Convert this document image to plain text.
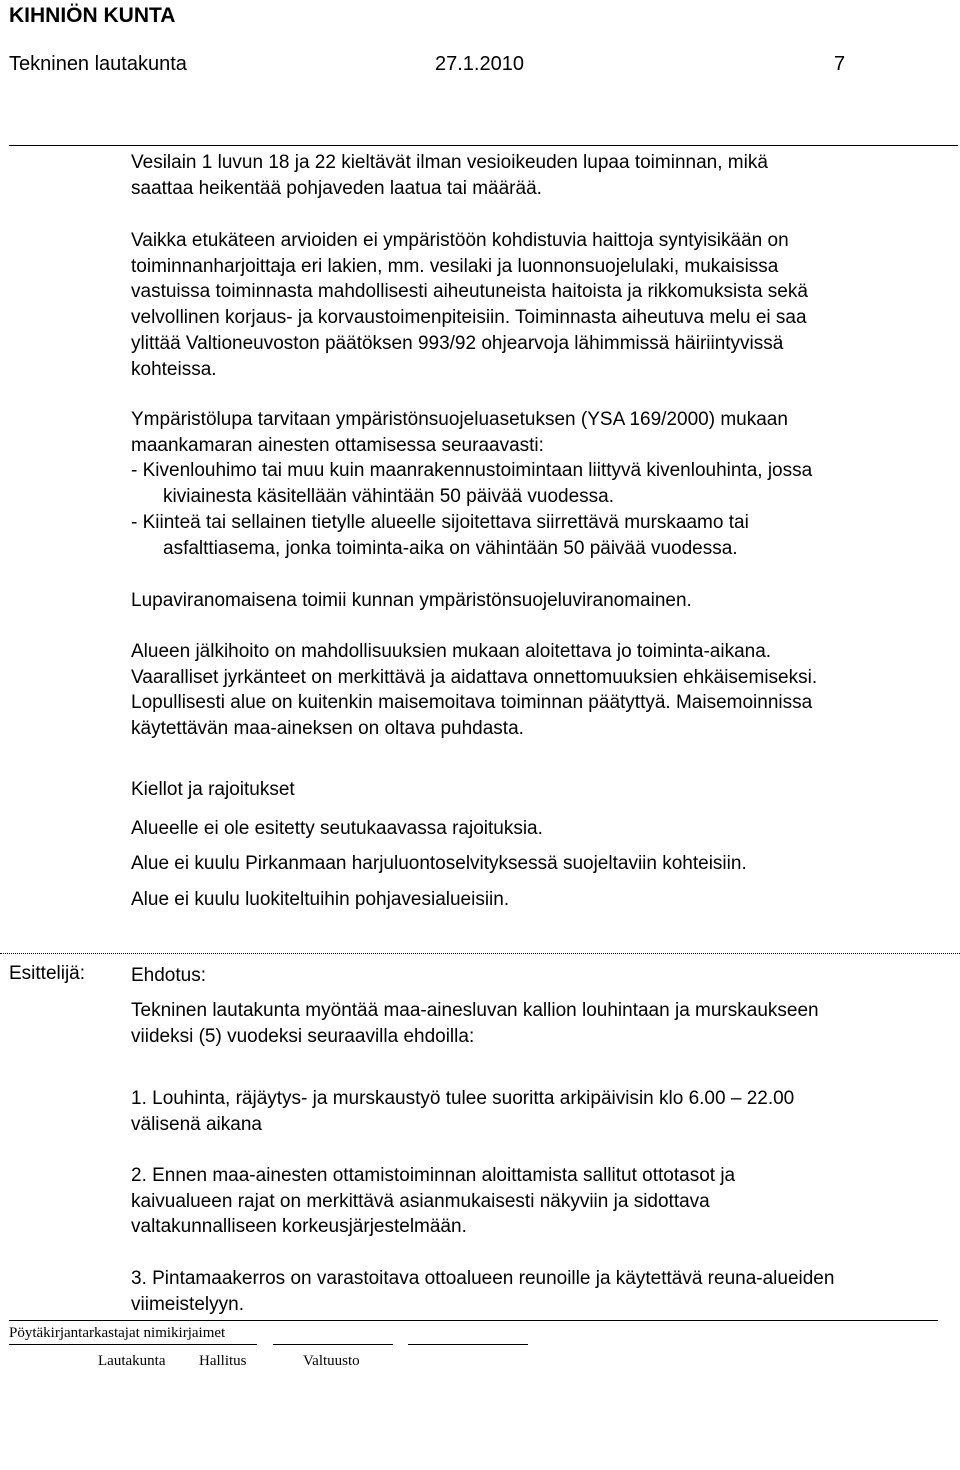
KIHNIÖN KUNTA
Tekninen lautakunta	27.1.2010	7

Vesilain 1 luvun 18 ja 22 kieltävät ilman vesioikeuden lupaa toiminnan, mikä

saattaa heikentää pohjaveden laatua tai määrää.

Vaikka etukäteen arvioiden ei ympäristöön kohdistuvia haittoja syntyisikään on

toiminnanharjoittaja eri lakien, mm. vesilaki ja luonnonsuojelulaki, mukaisissa

vastuissa toiminnasta mahdollisesti aiheutuneista haitoista ja rikkomuksista sekä

velvollinen korjaus- ja korvaustoimenpiteisiin. Toiminnasta aiheutuva melu ei saa

ylittää Valtioneuvoston päätöksen 993/92 ohjearvoja lähimmissä häiriintyvissä

kohteissa.

Ympäristölupa tarvitaan ympäristönsuojeluasetuksen (YSA 169/2000) mukaan

maankamaran ainesten ottamisessa seuraavasti:

- Kivenlouhimo tai muu kuin maanrakennustoimintaan liittyvä kivenlouhinta, jossa
kiviainesta käsitellään vähintään 50 päivää vuodessa.

- Kiinteä tai sellainen tietylle alueelle sijoitettava siirrettävä murskaamo tai
asfalttiasema, jonka toiminta-aika on vähintään 50 päivää vuodessa.

Lupaviranomaisena toimii kunnan ympäristönsuojeluviranomainen.

Alueen jälkihoito on mahdollisuuksien mukaan aloitettava jo toiminta-aikana.

Vaaralliset jyrkänteet on merkittävä ja aidattava onnettomuuksien ehkäisemiseksi.

Lopullisesti alue on kuitenkin maisemoitava toiminnan päätyttyä. Maisemoinnissa

käytettävän maa-aineksen on oltava puhdasta.

Kiellot ja rajoitukset

Alueelle ei ole esitetty seutukaavassa rajoituksia.

Alue ei kuulu Pirkanmaan harjuluontoselvityksessä suojeltaviin kohteisiin.

Alue ei kuulu luokiteltuihin pohjavesialueisiin.

Esittelijä: Ehdotus:

Tekninen lautakunta myöntää maa-ainesluvan kallion louhintaan ja murskaukseen

viideksi (5) vuodeksi seuraavilla ehdoilla:

1. Louhinta, räjäytys- ja murskaustyö tulee suoritta arkipäivisin klo 6.00 – 22.00

välisenä aikana

2. Ennen maa-ainesten ottamistoiminnan aloittamista sallitut ottotasot ja

kaivualueen rajat on merkittävä asianmukaisesti näkyviin ja sidottava

valtakunnalliseen korkeusjärjestelmään.

3. Pintamaakerros on varastoitava ottoalueen reunoille ja käytettävä reuna-alueiden

viimeistelyyn.

Pöytäkirjantarkastajat nimikirjaimet
Lautakunta Hallitus	Valtuusto
